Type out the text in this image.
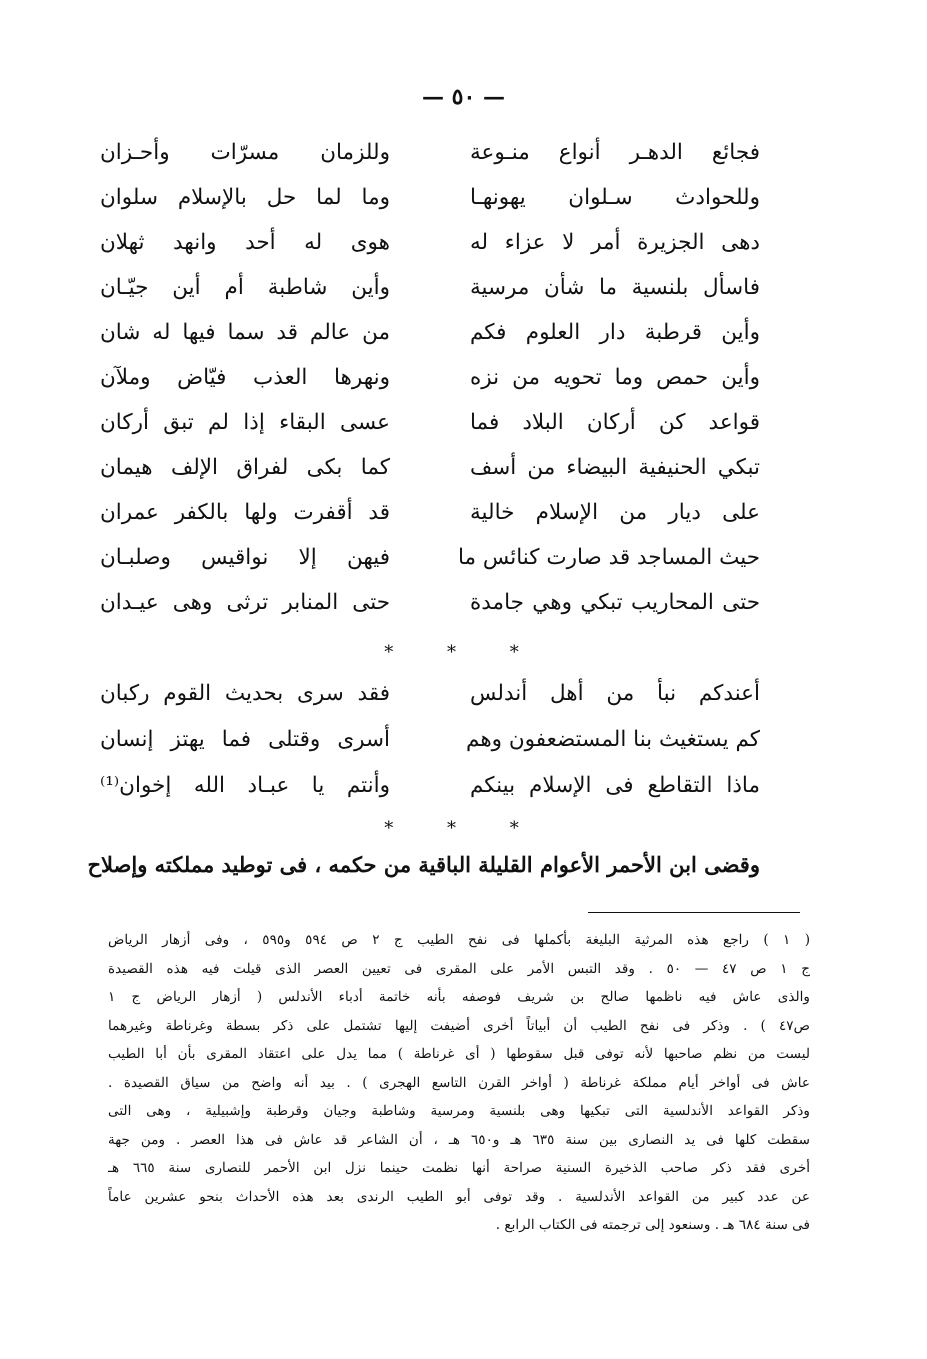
— ٥٠ —
فجائع الدهـر أنواع منـوعة
وللزمان مسرّات وأحـزان
وللحوادث سـلوان يهونهـا
وما لما حل بالإسلام سلوان
دهى الجزيرة أمر لا عزاء له
هوى له أحد وانهد ثهلان
فاسأل بلنسية ما شأن مرسية
وأين شاطبة أم أين جيّـان
وأين قرطبة دار العلوم فكم
من عالم قد سما فيها له شان
وأين حمص وما تحويه من نزه
ونهرها العذب فيّاض وملآن
قواعد كن أركان البلاد فما
عسى البقاء إذا لم تبق أركان
تبكي الحنيفية البيضاء من أسف
كما بكى لفراق الإلف هيمان
على ديار من الإسلام خالية
قد أقفرت ولها بالكفر عمران
حيث المساجد قد صارت كنائس ما
فيهن إلا نواقيس وصلبـان
حتى المحاريب تبكي وهي جامدة
حتى المنابر ترثى وهى عيـدان
* * *
أعندكم نبأ من أهل أندلس
فقد سرى بحديث القوم ركبان
كم يستغيث بنا المستضعفون وهم
أسرى وقتلى فما يهتز إنسان
ماذا التقاطع فى الإسلام بينكم
وأنتم يا عبـاد الله إخوان⁽¹⁾
* * *
وقضى ابن الأحمر الأعوام القليلة الباقية من حكمه ، فى توطيد مملكته وإصلاح
( ١ ) راجع هذه المرثية البليغة بأكملها فى نفح الطيب ج ٢ ص ٥٩٤ و٥٩٥ ، وفى أزهار الرياض
ج ١ ص ٤٧ — ٥٠ . وقد التبس الأمر على المقرى فى تعيين العصر الذى قيلت فيه هذه القصيدة
والذى عاش فيه ناظمها صالح بن شريف فوصفه بأنه خاتمة أدباء الأندلس ( أزهار الرياض ج ١
ص٤٧ ) . وذكر فى نفح الطيب أن أبياتاً أخرى أضيفت إليها تشتمل على ذكر بسطة وغرناطة وغيرهما
ليست من نظم صاحبها لأنه توفى قبل سقوطها ( أى غرناطة ) مما يدل على اعتقاد المقرى بأن أبا الطيب
عاش فى أواخر أيام مملكة غرناطة ( أواخر القرن التاسع الهجرى ) . بيد أنه واضح من سياق القصيدة .
وذكر القواعد الأندلسية التى تبكيها وهى بلنسية ومرسية وشاطبة وجيان وقرطبة وإشبيلية ، وهى التى
سقطت كلها فى يد النصارى بين سنة ٦٣٥ هـ و٦٥٠ هـ ، أن الشاعر قد عاش فى هذا العصر . ومن جهة
أخرى فقد ذكر صاحب الذخيرة السنية صراحة أنها نظمت حينما نزل ابن الأحمر للنصارى سنة ٦٦٥ هـ
عن عدد كبير من القواعد الأندلسية . وقد توفى أبو الطيب الرندى بعد هذه الأحداث بنحو عشرين عاماً
فى سنة ٦٨٤ هـ . وسنعود إلى ترجمته فى الكتاب الرابع .
